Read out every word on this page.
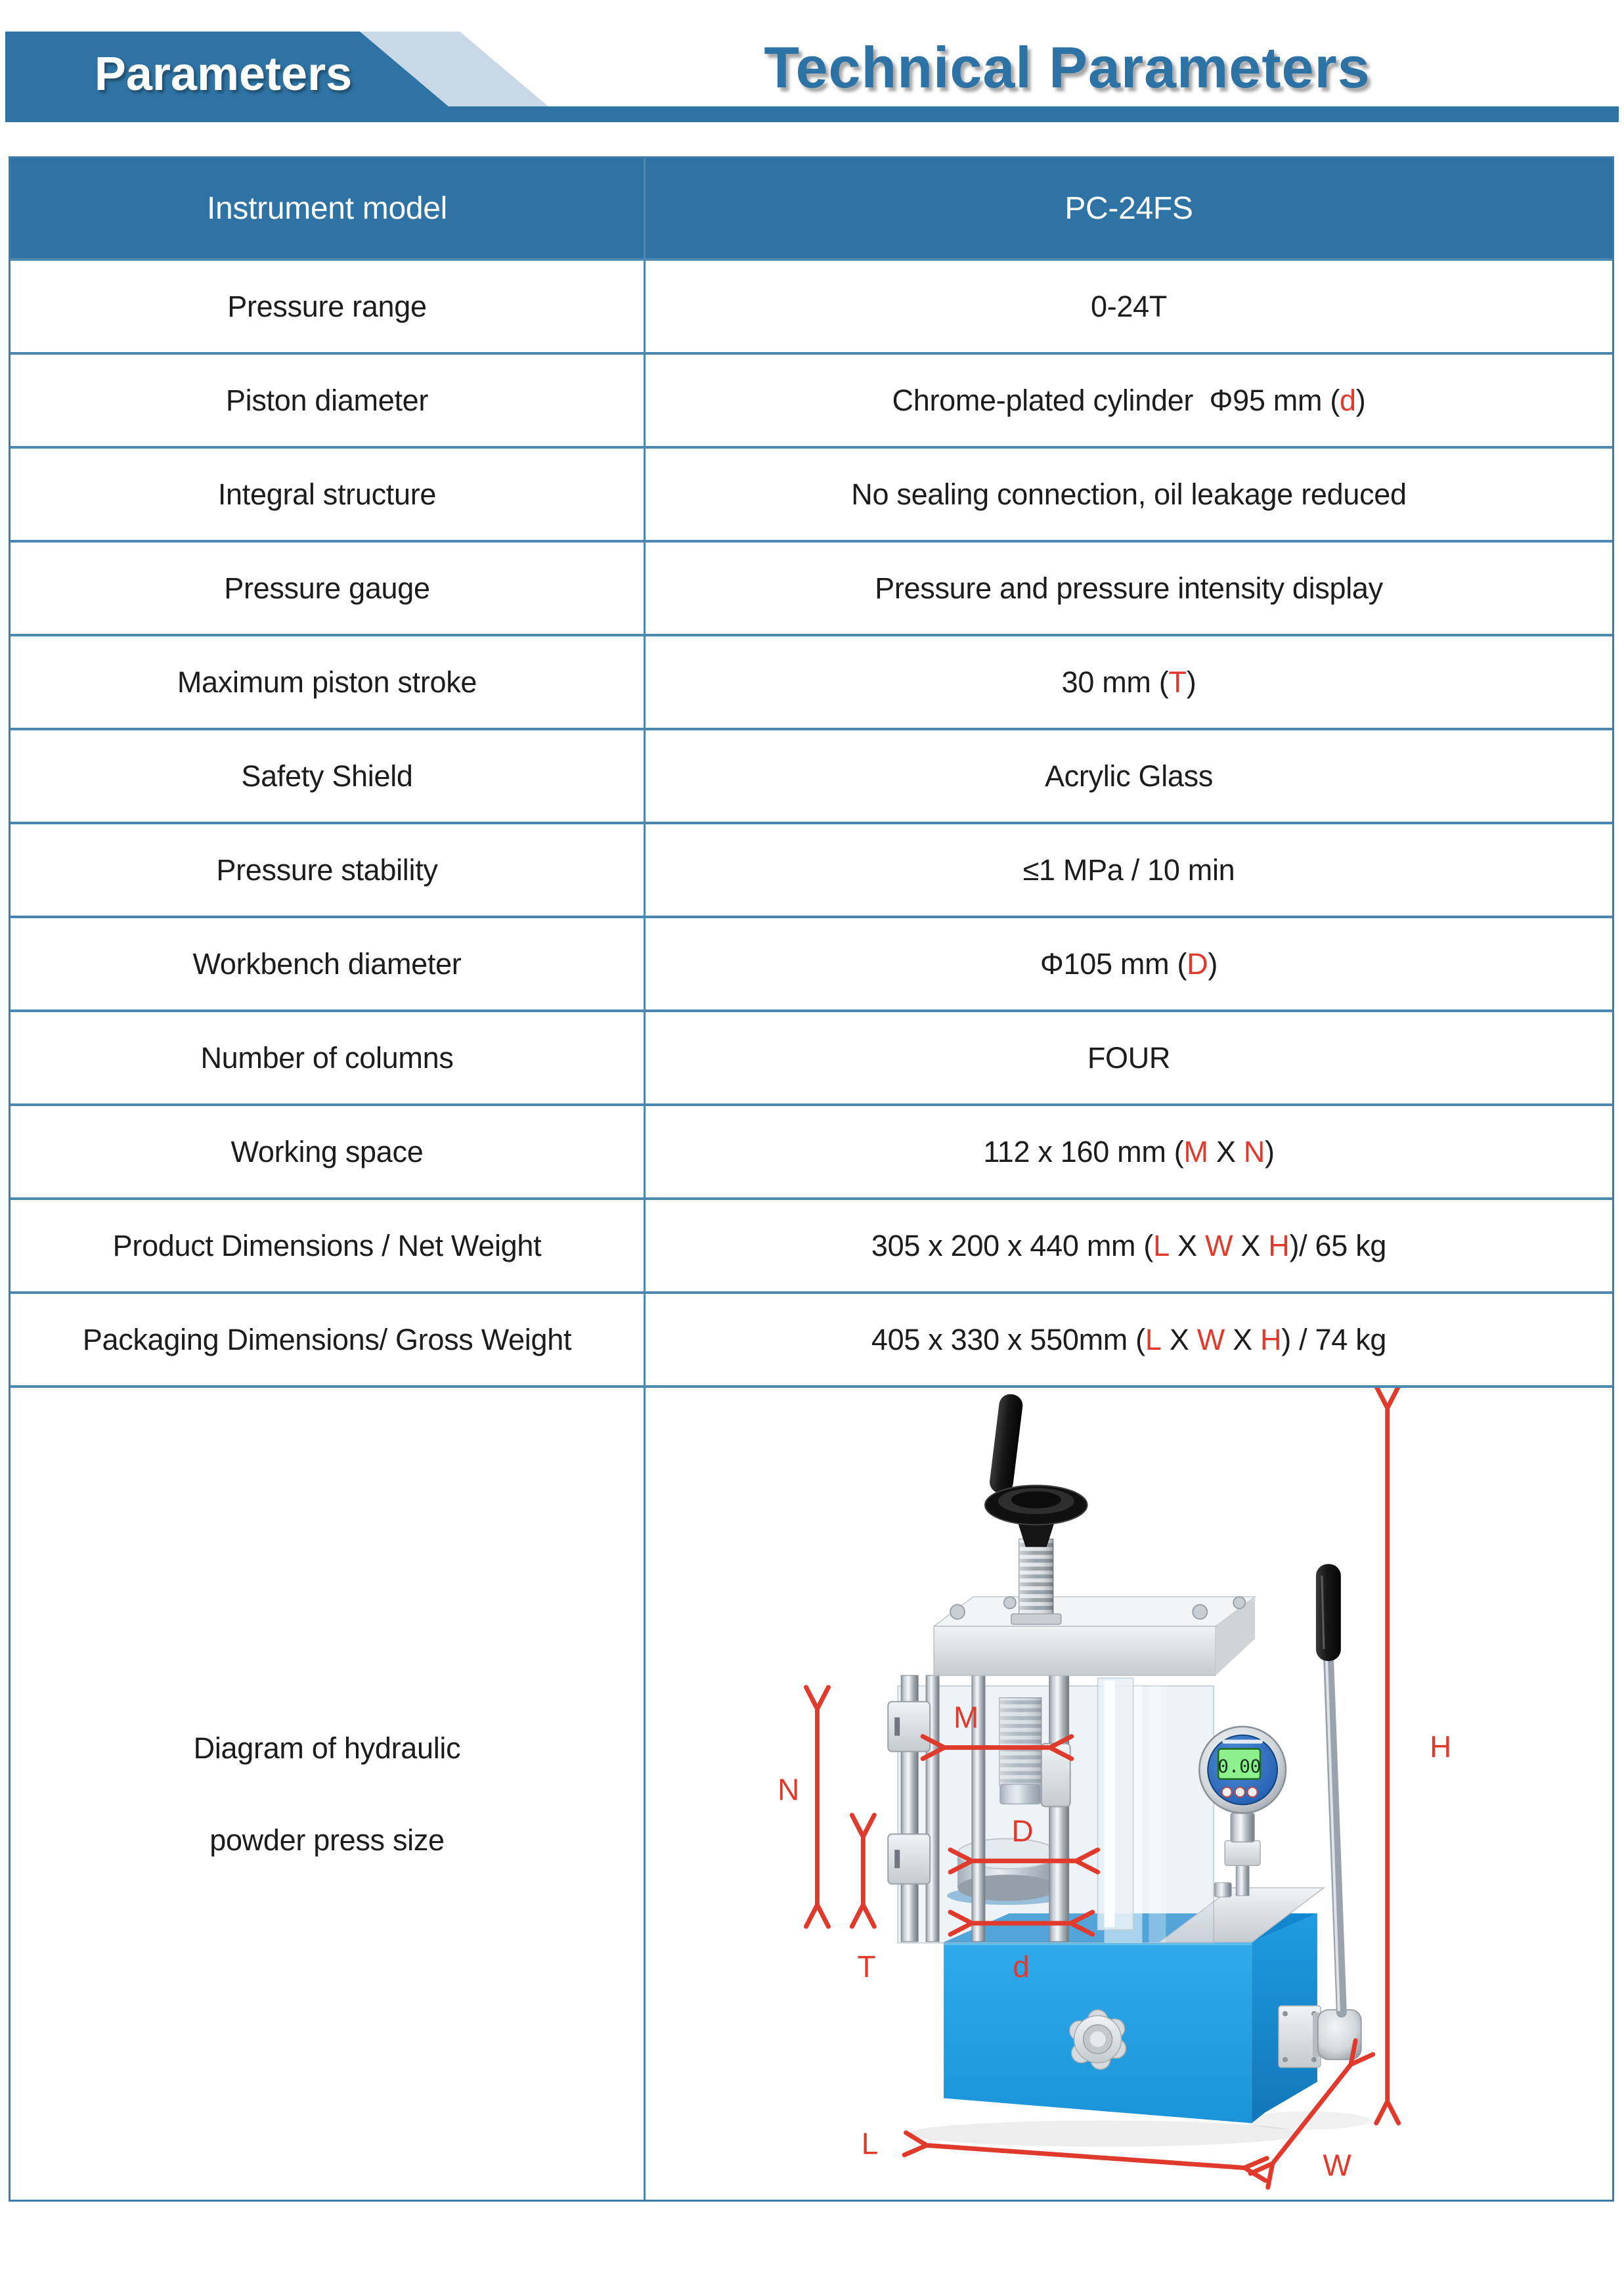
Parameters	Technical Parameters
Instrument model	PC-24FS
Pressure range	0-24T
Piston diameter	Chrome-plated cylinder  Φ95 mm ( d )
Integral structure	No sealing connection, oil leakage reduced
Pressure gauge	Pressure and pressure intensity display
Maximum piston stroke	30 mm ( T )
Safety Shield	Acrylic Glass
Pressure stability	≤1 MPa / 10 min
Workbench diameter	Φ105 mm ( D )
Number of columns	FOUR
Working space	112 x 160 mm ( M X N )
Product Dimensions / Net Weight	305 x 200 x 440 mm ( L X W X H )/ 65 kg
Packaging Dimensions/ Gross Weight	405 x 330 x 550mm ( L X W X H ) / 74 kg
Diagram of hydraulic
powder press size
0.00
H
N
T
M
D
d
L
W
